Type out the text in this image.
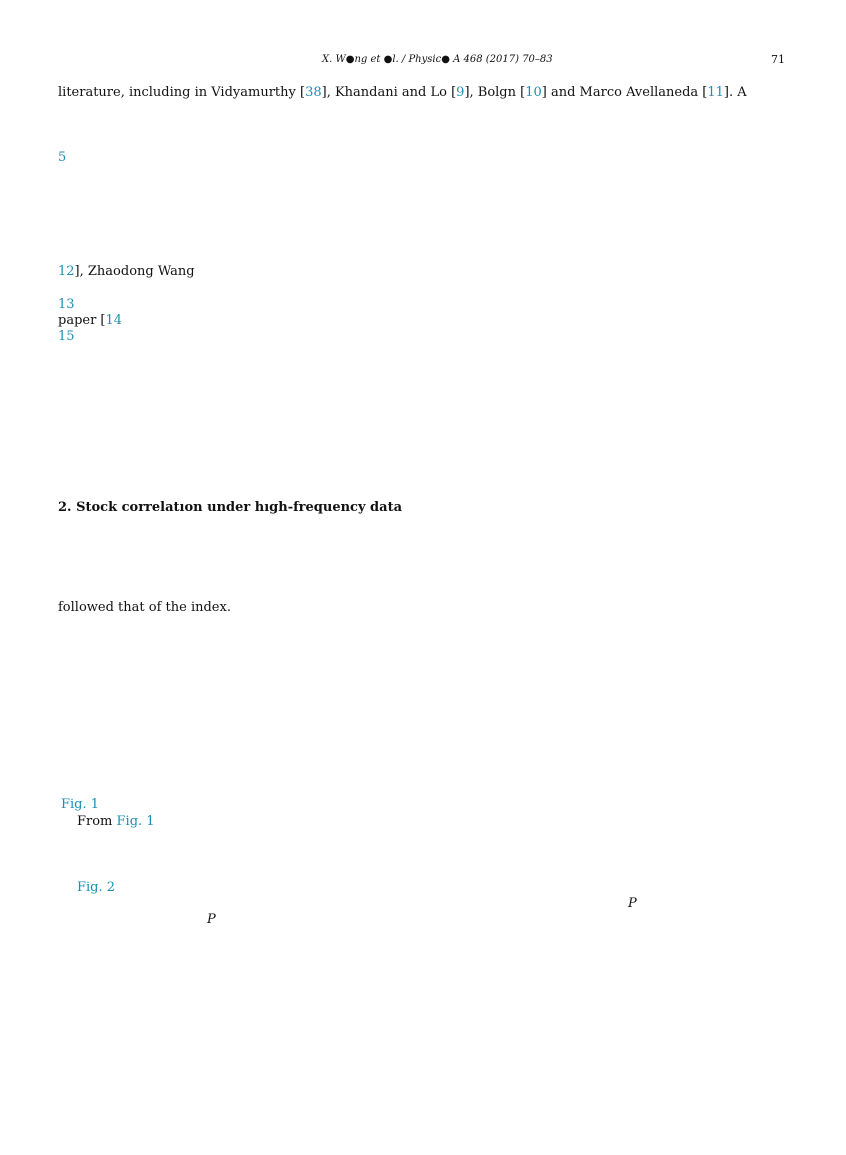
X. W●ng et ●l. / Physic● A 468 (2017) 70–83	71
literature, including in Vidyamurthy [38], Khandani and Lo [9], Bolgn [10] and Marco Avellaneda [11]. A
5
12], Zhaodong Wang
13
paper [14
15
2. Stock correlatıon under hıgh-frequency data
followed that of the index.
Fig. 1
From Fig. 1
Fig. 2
P
P
